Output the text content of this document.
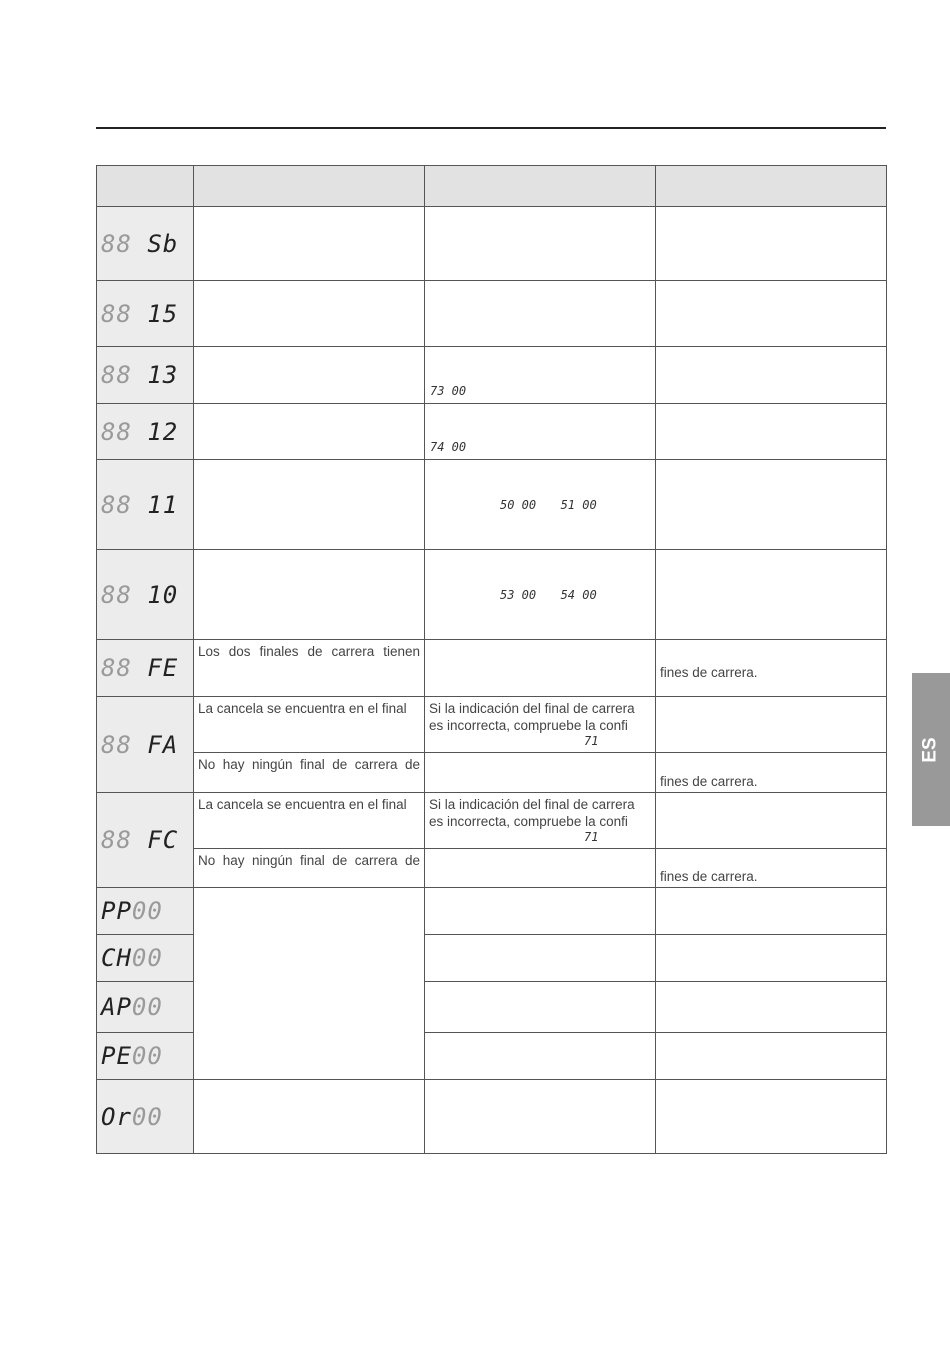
88 Sb			
88 15			
88 13		73 00	

88 12		74 00	

88 11		50 00 51 00	

88 10		53 00 54 00	

88 FE	Los dos finales de carrera tienen		fines de carrera.

88 FA	La cancela se encuentra en el final	Si la indicación del final de carrera
es incorrecta, compruebe la confi
71	

	No hay ningún final de carrera de		fines de carrera.

88 FC	La cancela se encuentra en el final	Si la indicación del final de carrera
es incorrecta, compruebe la confi
71	

	No hay ningún final de carrera de		fines de carrera.

PP00			
CH00			
AP00			
PE00			
Or00			
ES
